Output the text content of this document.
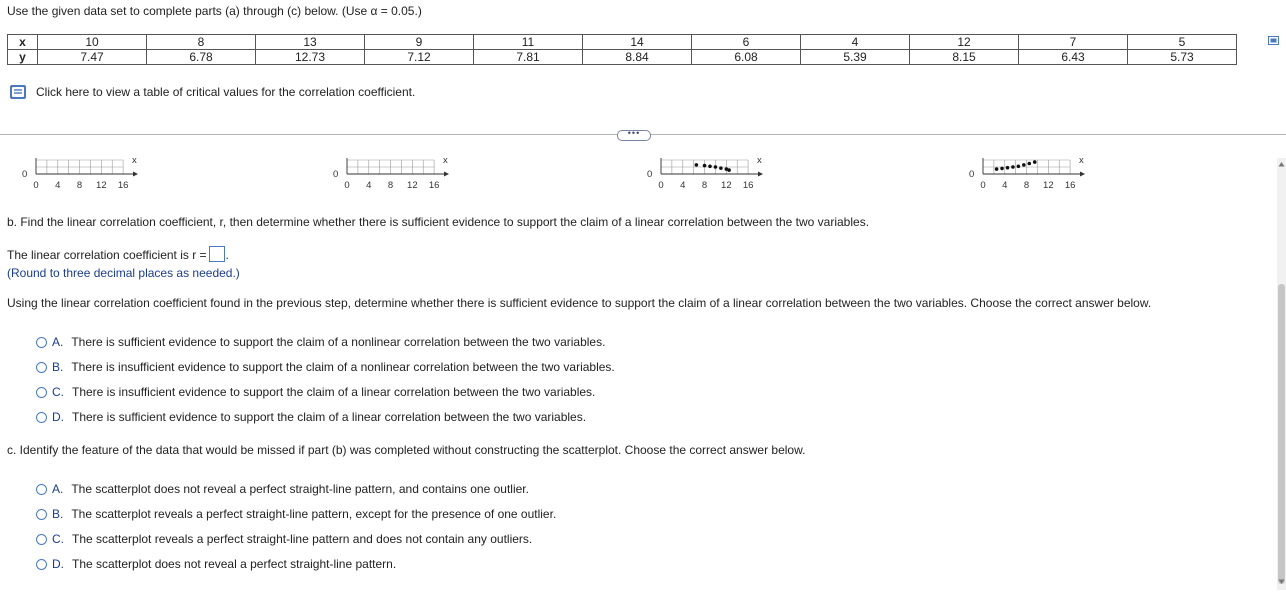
Use the given data set to complete parts (a) through (c) below. (Use α = 0.05.)
x	10	8	13	9	11	14	6	4	12	7	5
y	7.47	6.78	12.73	7.12	7.81	8.84	6.08	5.39	8.15	6.43	5.73
Click here to view a table of critical values for the correlation coefficient.
•••
x
0
0 4 8 12 16
x
0
0 4 8 12 16
x
0
0 4 8 12 16
x
0
0 4 8 12 16
b. Find the linear correlation coefficient, r, then determine whether there is sufficient evidence to support the claim of a linear correlation between the two variables.
The linear correlation coefficient is r = .
(Round to three decimal places as needed.)
Using the linear correlation coefficient found in the previous step, determine whether there is sufficient evidence to support the claim of a linear correlation between the two variables. Choose the correct answer below.
A. There is sufficient evidence to support the claim of a nonlinear correlation between the two variables.
B. There is insufficient evidence to support the claim of a nonlinear correlation between the two variables.
C. There is insufficient evidence to support the claim of a linear correlation between the two variables.
D. There is sufficient evidence to support the claim of a linear correlation between the two variables.
c. Identify the feature of the data that would be missed if part (b) was completed without constructing the scatterplot. Choose the correct answer below.
A. The scatterplot does not reveal a perfect straight-line pattern, and contains one outlier.
B. The scatterplot reveals a perfect straight-line pattern, except for the presence of one outlier.
C. The scatterplot reveals a perfect straight-line pattern and does not contain any outliers.
D. The scatterplot does not reveal a perfect straight-line pattern.
